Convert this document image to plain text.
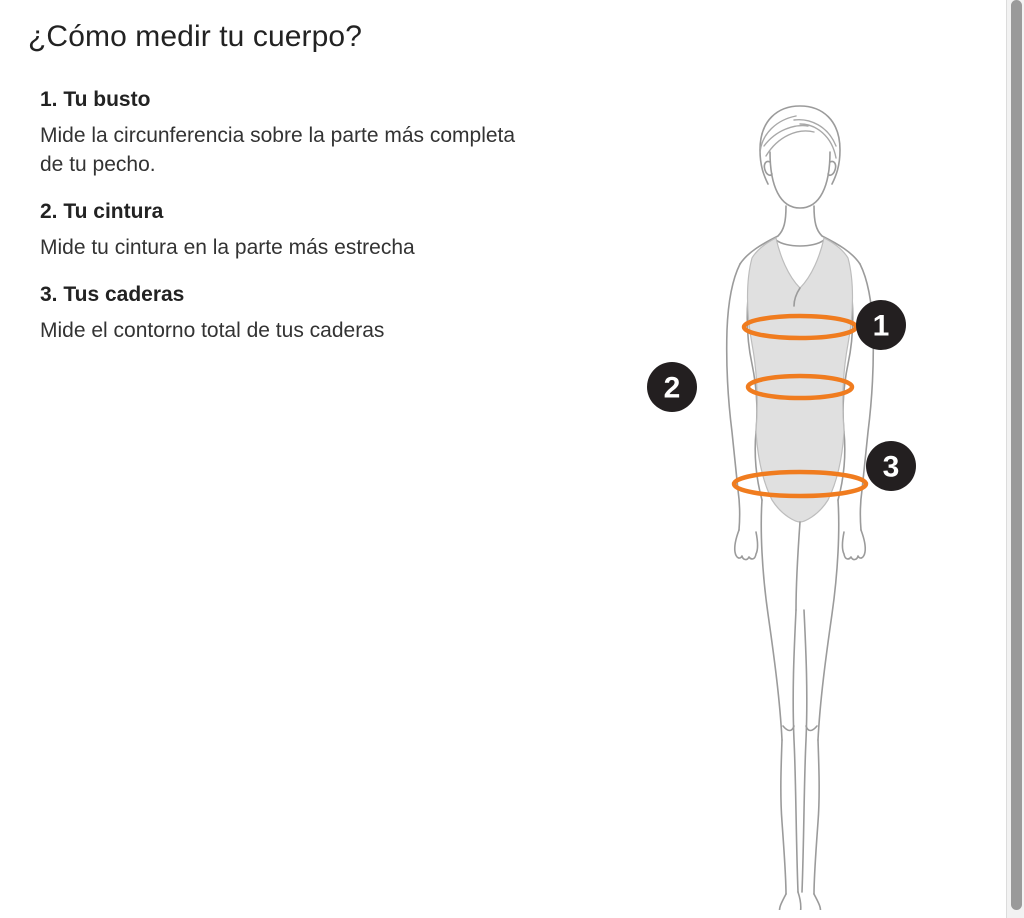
¿Cómo medir tu cuerpo?
1. Tu busto

Mide la circunferencia sobre la parte más completa de tu pecho.

2. Tu cintura

Mide tu cintura en la parte más estrecha

3. Tus caderas

Mide el contorno total de tus caderas	1
2
3
